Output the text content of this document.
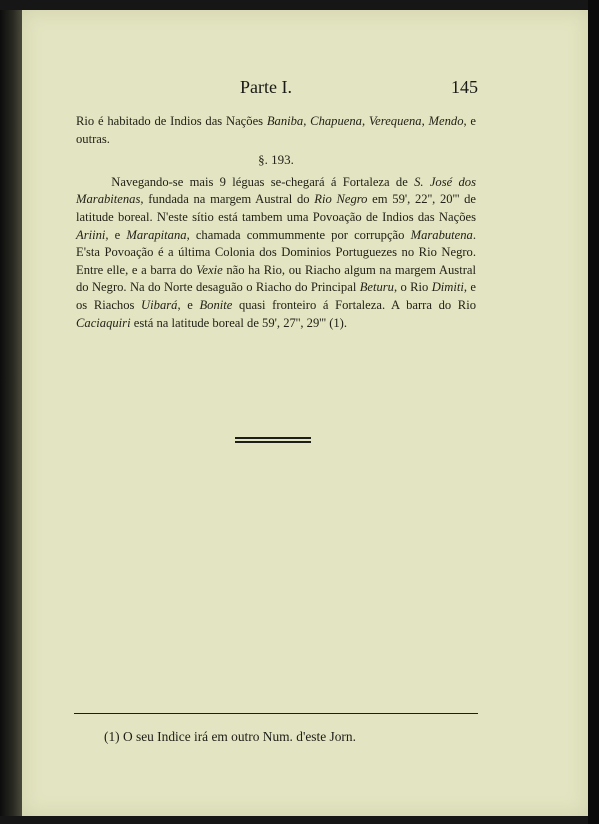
Parte I.	145

Rio é habitado de Indios das Nações Baniba, Chapuena, Verequena, Mendo, e outras.

§. 193.

Navegando-se mais 9 léguas se-chegará á Fortaleza de S. José dos Marabitenas, fundada na margem Austral do Rio Negro em 59', 22'', 20''' de latitude boreal. N'este sítio está tambem uma Povoação de Indios das Nações Ariini, e Marapitana, chamada commummente por corrupção Marabutena. E'sta Povoação é a última Colonia dos Dominios Portuguezes no Rio Negro. Entre elle, e a barra do Vexie não ha Rio, ou Riacho algum na margem Austral do Negro. Na do Norte desaguão o Riacho do Principal Beturu, o Rio Dimiti, e os Riachos Uibará, e Bonite quasi fronteiro á Fortaleza. A barra do Rio Caciaquiri está na latitude boreal de 59', 27'', 29''' (1).

(1) O seu Indice irá em outro Num. d'este Jorn.
